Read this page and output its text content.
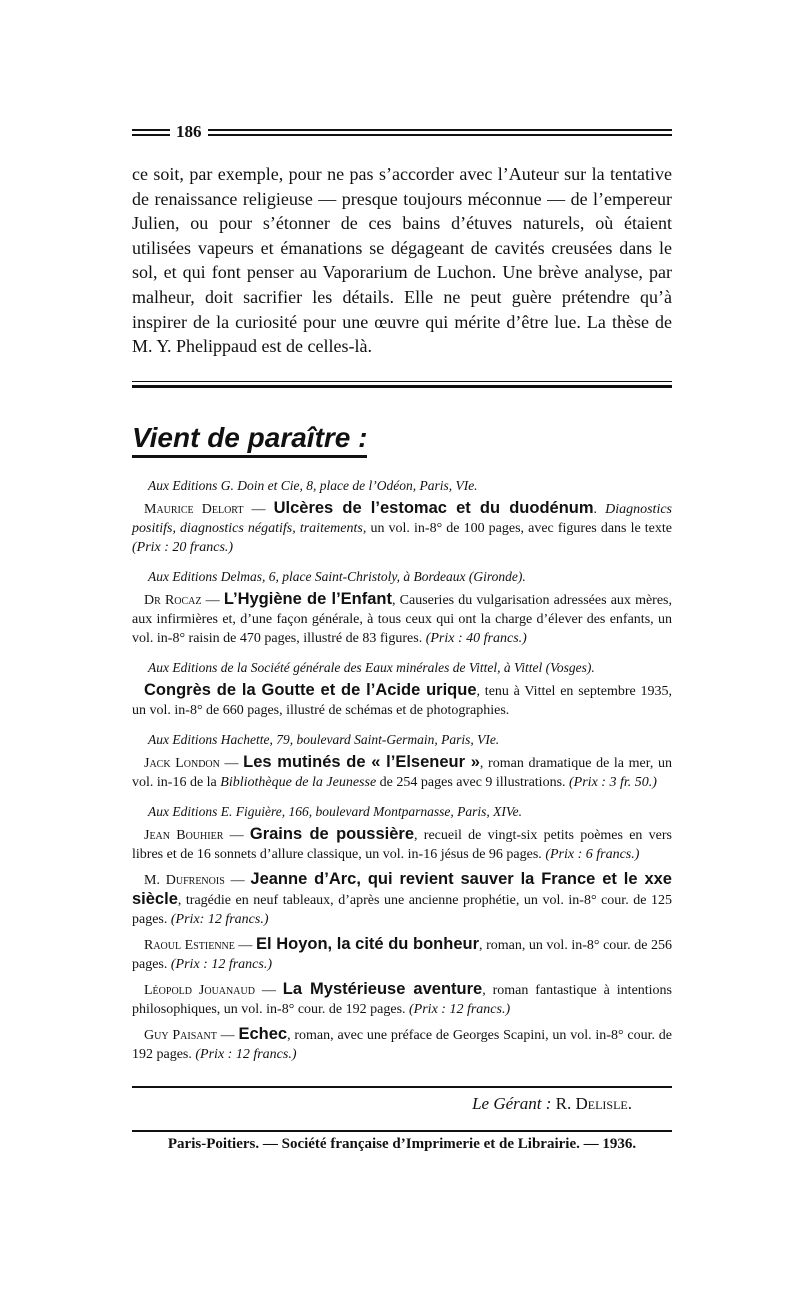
186

ce soit, par exemple, pour ne pas s’accorder avec l’Auteur sur la tentative de renaissance religieuse — presque toujours méconnue — de l’empereur Julien, ou pour s’étonner de ces bains d’étuves naturels, où étaient utilisées vapeurs et émanations se dégageant de cavités creusées dans le sol, et qui font penser au Vaporarium de Luchon. Une brève analyse, par malheur, doit sacrifier les détails. Elle ne peut guère prétendre qu’à inspirer de la curiosité pour une œuvre qui mérite d’être lue. La thèse de M. Y. Phelippaud est de celles-là.

Vient de paraître :
Aux Editions G. Doin et Cie, 8, place de l’Odéon, Paris, VIe.
Maurice Delort — Ulcères de l’estomac et du duodénum. Diagnostics positifs, diagnostics négatifs, traitements, un vol. in-8° de 100 pages, avec figures dans le texte (Prix : 20 francs.)
Aux Editions Delmas, 6, place Saint-Christoly, à Bordeaux (Gironde).
Dr Rocaz — L’Hygiène de l’Enfant, Causeries du vulgarisation adressées aux mères, aux infirmières et, d’une façon générale, à tous ceux qui ont la charge d’élever des enfants, un vol. in-8° raisin de 470 pages, illustré de 83 figures. (Prix : 40 francs.)
Aux Editions de la Société générale des Eaux minérales de Vittel, à Vittel (Vosges).
Congrès de la Goutte et de l’Acide urique, tenu à Vittel en septembre 1935, un vol. in-8° de 660 pages, illustré de schémas et de photographies.
Aux Editions Hachette, 79, boulevard Saint-Germain, Paris, VIe.
Jack London — Les mutinés de « l’Elseneur », roman dramatique de la mer, un vol. in-16 de la Bibliothèque de la Jeunesse de 254 pages avec 9 illustrations. (Prix : 3 fr. 50.)
Aux Editions E. Figuière, 166, boulevard Montparnasse, Paris, XIVe.
Jean Bouhier — Grains de poussière, recueil de vingt-six petits poèmes en vers libres et de 16 sonnets d’allure classique, un vol. in-16 jésus de 96 pages. (Prix : 6 francs.)
M. Dufrenois — Jeanne d’Arc, qui revient sauver la France et le xxe siècle, tragédie en neuf tableaux, d’après une ancienne prophétie, un vol. in-8° cour. de 125 pages. (Prix: 12 francs.)
Raoul Estienne — El Hoyon, la cité du bonheur, roman, un vol. in-8° cour. de 256 pages. (Prix : 12 francs.)
Léopold Jouanaud — La Mystérieuse aventure, roman fantastique à intentions philosophiques, un vol. in-8° cour. de 192 pages. (Prix : 12 francs.)
Guy Paisant — Echec, roman, avec une préface de Georges Scapini, un vol. in-8° cour. de 192 pages. (Prix : 12 francs.)
Le Gérant : R. Delisle.
Paris-Poitiers. — Société française d’Imprimerie et de Librairie. — 1936.
